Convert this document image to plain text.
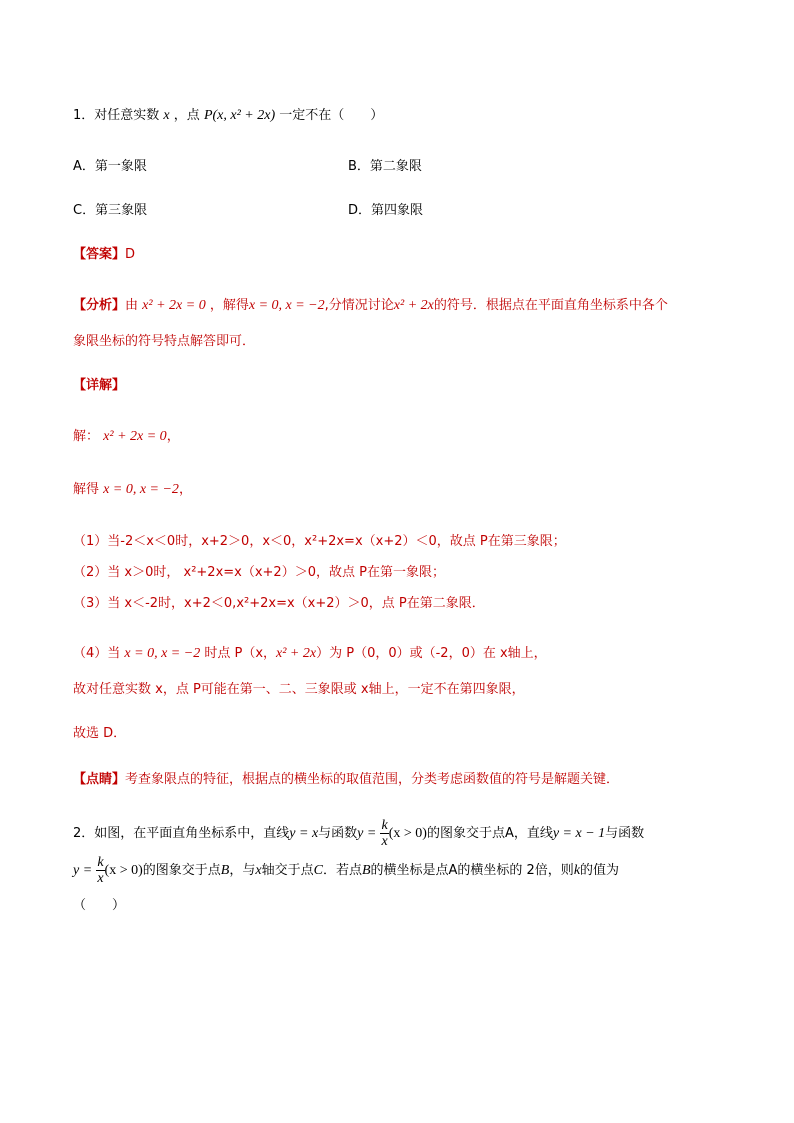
1．对任意实数 x ，点 P(x, x² + 2x) 一定不在（　　）
A．第一象限	B．第二象限
C．第三象限	D．第四象限
【答案】D
【分析】由 x² + 2x = 0 ，解得x = 0, x = −2,分情况讨论x² + 2x的符号．根据点在平面直角坐标系中各个
象限坐标的符号特点解答即可．
【详解】
解： x² + 2x = 0，
解得 x = 0, x = −2，
（1）当-2＜x＜0时，x+2＞0，x＜0，x²+2x=x（x+2）＜0，故点 P在第三象限；
（2）当 x＞0时， x²+2x=x（x+2）＞0，故点 P在第一象限；
（3）当 x＜-2时，x+2＜0,x²+2x=x（x+2）＞0，点 P在第二象限．
（4）当 x = 0, x = −2 时点 P（x，x² + 2x）为 P（0，0）或（-2，0）在 x轴上，
故对任意实数 x，点 P可能在第一、二、三象限或 x轴上，一定不在第四象限，
故选 D．
【点睛】考查象限点的特征，根据点的横坐标的取值范围，分类考虑函数值的符号是解题关键．
2．如图，在平面直角坐标系中，直线y = x与函数$y = \frac{k}{x} (x > 0)$的图象交于点A，直线y = x − 1与函数
$y = \frac{k}{x} (x > 0)$的图象交于点B，与x轴交于点C．若点B的横坐标是点A的横坐标的 2倍，则k的值为
（　　）
